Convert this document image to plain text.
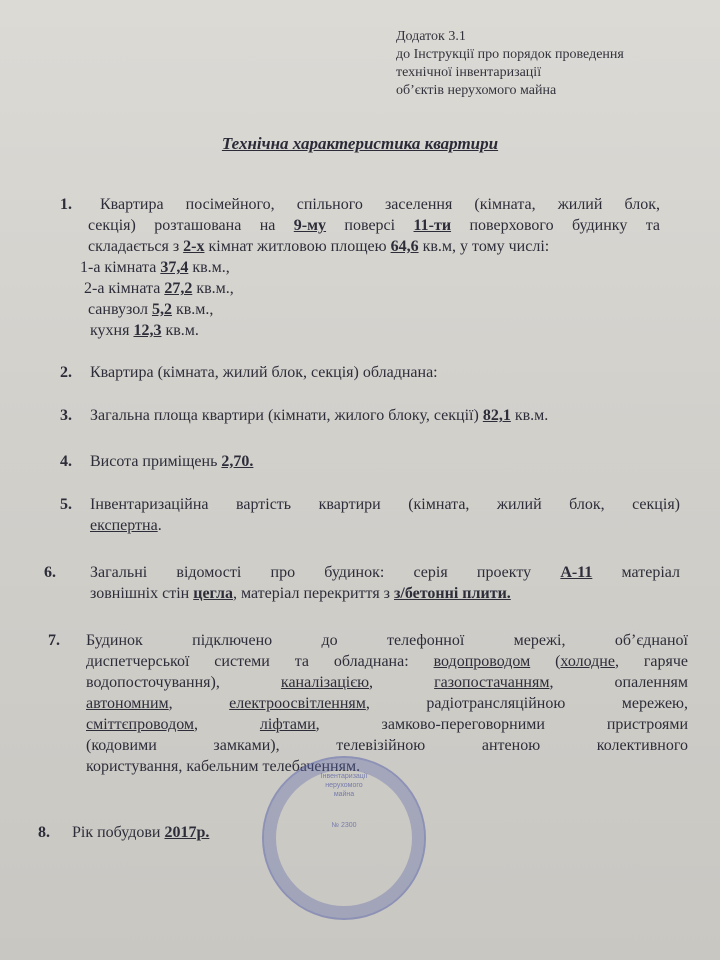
Додаток 3.1
до Інструкції про порядок проведення
технічної інвентаризації
об’єктів нерухомого майна
Технічна характеристика квартири
1.	Квартира посімейного, спільного заселення (кімната, жилий блок,
секція) розташована на 9-му поверсі 11-ти поверхового будинку та
складається з 2-х кімнат житловою площею 64,6 кв.м, у тому числі:
1-а кімната 37,4 кв.м.,
2-а кімната 27,2 кв.м.,
санвузол 5,2 кв.м.,
кухня 12,3 кв.м.
2. Квартира (кімната, жилий блок, секція) обладнана:
3. Загальна площа квартири (кімнати, жилого блоку, секції) 82,1 кв.м.
4. Висота приміщень 2,70.
5. Інвентаризаційна вартість квартири (кімната, жилий блок, секція)
експертна.
6. Загальні відомості про будинок: серія проекту А-11 матеріал
зовнішніх стін цегла, матеріал перекриття з з/бетонні плити.
7. Будинок підключено до телефонної мережі, об’єднаної
диспетчерської системи та обладнана: водопроводом (холодне, гаряче
водопосточування), каналізацією, газопостачанням, опаленням
автономним, електроосвітленням, радіотрансляційною мережею,
сміттєпроводом, ліфтами, замково-переговорними пристроями
(кодовими замками), телевізійною антеною колективного
користування, кабельним телебаченням.
Інвентаризації
нерухомого
майна
№ 2300
8. Рік побудови 2017р.
